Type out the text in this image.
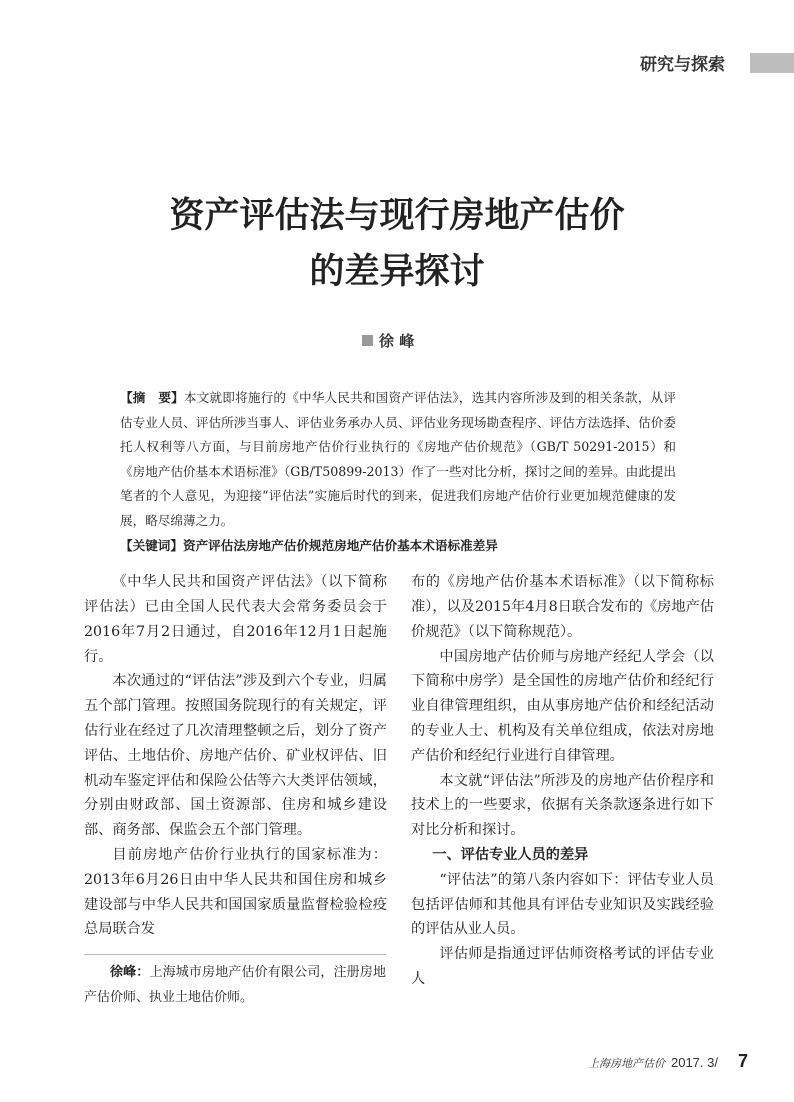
研究与探索
资产评估法与现行房地产估价
的差异探讨
徐 峰
【摘　要】本文就即将施行的《中华人民共和国资产评估法》，选其内容所涉及到的相关条款，从评估专业人员、评估所涉当事人、评估业务承办人员、评估业务现场勘查程序、评估方法选择、估价委托人权利等八方面，与目前房地产估价行业执行的《房地产估价规范》（GB/T 50291-2015）和《房地产估价基本术语标准》（GB/T50899-2013）作了一些对比分析，探讨之间的差异。由此提出笔者的个人意见，为迎接“评估法”实施后时代的到来，促进我们房地产估价行业更加规范健康的发展，略尽绵薄之力。
【关键词】资产评估法房地产估价规范房地产估价基本术语标准差异

《中华人民共和国资产评估法》（以下简称评估法）已由全国人民代表大会常务委员会于2016年7月2日通过，自2016年12月1日起施行。

本次通过的“评估法”涉及到六个专业，归属五个部门管理。按照国务院现行的有关规定，评估行业在经过了几次清理整顿之后，划分了资产评估、土地估价、房地产估价、矿业权评估、旧机动车鉴定评估和保险公估等六大类评估领域，分别由财政部、国土资源部、住房和城乡建设部、商务部、保监会五个部门管理。

目前房地产估价行业执行的国家标准为：2013年6月26日由中华人民共和国住房和城乡建设部与中华人民共和国国家质量监督检验检疫总局联合发

徐峰：上海城市房地产估价有限公司，注册房地产估价师、执业土地估价师。

布的《房地产估价基本术语标准》（以下简称标准），以及2015年4月8日联合发布的《房地产估价规范》（以下简称规范）。

中国房地产估价师与房地产经纪人学会（以下简称中房学）是全国性的房地产估价和经纪行业自律管理组织，由从事房地产估价和经纪活动的专业人士、机构及有关单位组成，依法对房地产估价和经纪行业进行自律管理。

本文就“评估法”所涉及的房地产估价程序和技术上的一些要求，依据有关条款逐条进行如下对比分析和探讨。

一、评估专业人员的差异

“评估法”的第八条内容如下：评估专业人员包括评估师和其他具有评估专业知识及实践经验的评估从业人员。

评估师是指通过评估师资格考试的评估专业人

上海房地产估价 2017. 3/ 7
